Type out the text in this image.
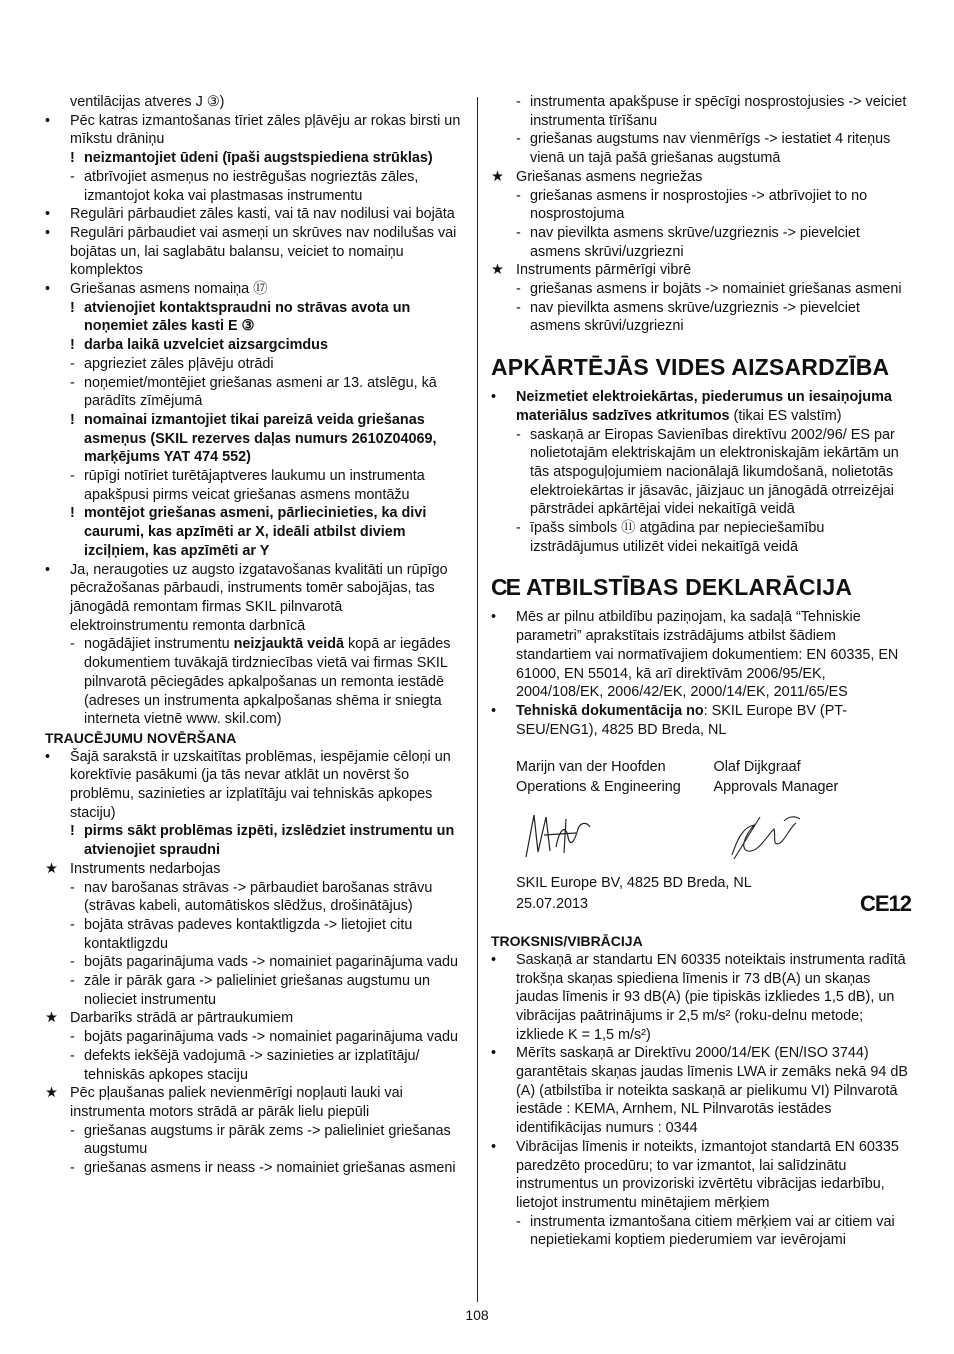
ventilācijas atveres J ③)
• Pēc katras izmantošanas tīriet zāles pļāvēju ar rokas birsti un mīkstu drāniņu
! neizmantojiet ūdeni (īpaši augstspiediena strūklas)
- atbrīvojiet asmeņus no iestrēgušas nogrieztās zāles, izmantojot koka vai plastmasas instrumentu
• Regulāri pārbaudiet zāles kasti, vai tā nav nodilusi vai bojāta
• Regulāri pārbaudiet vai asmeņi un skrūves nav nodilušas vai bojātas un, lai saglabātu balansu, veiciet to nomaiņu komplektos
• Griešanas asmens nomaiņa ⑰
! atvienojiet kontaktspraudni no strāvas avota un noņemiet zāles kasti E ③
! darba laikā uzvelciet aizsargcimdus
- apgrieziet zāles pļāvēju otrādi
- noņemiet/montējiet griešanas asmeni ar 13. atslēgu, kā parādīts zīmējumā
! nomainai izmantojiet tikai pareizā veida griešanas asmeņus (SKIL rezerves daļas numurs 2610Z04069, marķējums YAT 474 552)
- rūpīgi notīriet turētājaptveres laukumu un instrumenta apakšpusi pirms veicat griešanas asmens montāžu
! montējot griešanas asmeni, pārliecinieties, ka divi caurumi, kas apzīmēti ar X, ideāli atbilst diviem izciļņiem, kas apzīmēti ar Y
• Ja, neraugoties uz augsto izgatavošanas kvalitāti un rūpīgo pēcražošanas pārbaudi, instruments tomēr sabojājas, tas jānogādā remontam firmas SKIL pilnvarotā elektroinstrumentu remonta darbnīcā
- nogādājiet instrumentu neizjauktā veidā kopā ar iegādes dokumentiem tuvākajā tirdzniecības vietā vai firmas SKIL pilnvarotā pēciegādes apkalpošanas un remonta iestādē (adreses un instrumenta apkalpošanas shēma ir sniegta interneta vietnē www. skil.com)
TRAUCĒJUMU NOVĒRŠANA
• Šajā sarakstā ir uzskaitītas problēmas, iespējamie cēloņi un korektīvie pasākumi (ja tās nevar atklāt un novērst šo problēmu, sazinieties ar izplatītāju vai tehniskās apkopes staciju)
! pirms sākt problēmas izpēti, izslēdziet instrumentu un atvienojiet spraudni
★ Instruments nedarbojas
- nav barošanas strāvas -> pārbaudiet barošanas strāvu (strāvas kabeli, automātiskos slēdžus, drošinātājus)
- bojāta strāvas padeves kontaktligzda -> lietojiet citu kontaktligzdu
- bojāts pagarinājuma vads -> nomainiet pagarinājuma vadu
- zāle ir pārāk gara -> palieliniet griešanas augstumu un nolieciet instrumentu
★ Darbarīks strādā ar pārtraukumiem
- bojāts pagarinājuma vads -> nomainiet pagarinājuma vadu
- defekts iekšējā vadojumā -> sazinieties ar izplatītāju/ tehniskās apkopes staciju
★ Pēc pļaušanas paliek nevienmērīgi nopļauti lauki vai instrumenta motors strādā ar pārāk lielu piepūli
- griešanas augstums ir pārāk zems -> palieliniet griešanas augstumu
- griešanas asmens ir neass -> nomainiet griešanas asmeni
- instrumenta apakšpuse ir spēcīgi nosprostojusies -> veiciet instrumenta tīrīšanu
- griešanas augstums nav vienmērīgs -> iestatiet 4 riteņus vienā un tajā pašā griešanas augstumā
★ Griešanas asmens negriežas
- griešanas asmens ir nosprostojies -> atbrīvojiet to no nosprostojuma
- nav pievilkta asmens skrūve/uzgrieznis -> pievelciet asmens skrūvi/uzgriezni
★ Instruments pārmērīgi vibrē
- griešanas asmens ir bojāts -> nomainiet griešanas asmeni
- nav pievilkta asmens skrūve/uzgrieznis -> pievelciet asmens skrūvi/uzgriezni
APKĀRTĒJĀS VIDES AIZSARDZĪBA
• Neizmetiet elektroiekārtas, piederumus un iesaiņojuma materiālus sadzīves atkritumos (tikai ES valstīm)
- saskaņā ar Eiropas Savienības direktīvu 2002/96/ ES par nolietotajām elektriskajām un elektroniskajām iekārtām un tās atspoguļojumiem nacionālajā likumdošanā, nolietotās elektroiekārtas ir jāsavāc, jāizjauc un jānogādā otrreizējai pārstrādei apkārtējai videi nekaitīgā veidā
- īpašs simbols ⑪ atgādina par nepieciešamību izstrādājumus utilizēt videi nekaitīgā veidā
CE ATBILSTĪBAS DEKLARĀCIJA
• Mēs ar pilnu atbildību paziņojam, ka sadaļā “Tehniskie parametri” aprakstītais izstrādājums atbilst šādiem standartiem vai normatīvajiem dokumentiem: EN 60335, EN 61000, EN 55014, kā arī direktīvām 2006/95/EK, 2004/108/EK, 2006/42/EK, 2000/14/EK, 2011/65/ES
• Tehniskā dokumentācija no: SKIL Europe BV (PT-SEU/ENG1), 4825 BD Breda, NL
Marijn van der Hoofden
Operations & Engineering
Olaf Dijkgraaf
Approvals Manager
SKIL Europe BV, 4825 BD Breda, NL
25.07.2013	CE12
TROKSNIS/VIBRĀCIJA
• Saskaņā ar standartu EN 60335 noteiktais instrumenta radītā trokšņa skaņas spiediena līmenis ir 73 dB(A) un skaņas jaudas līmenis ir 93 dB(A) (pie tipiskās izkliedes 1,5 dB), un vibrācijas paātrinājums ir 2,5 m/s² (roku-delnu metode; izkliede K = 1,5 m/s²)
• Mērīts saskaņā ar Direktīvu 2000/14/EK (EN/ISO 3744) garantētais skaņas jaudas līmenis LWA ir zemāks nekā 94 dB (A) (atbilstība ir noteikta saskaņā ar pielikumu VI) Pilnvarotā iestāde : KEMA, Arnhem, NL Pilnvarotās iestādes identifikācijas numurs : 0344
• Vibrācijas līmenis ir noteikts, izmantojot standartā EN 60335 paredzēto procedūru; to var izmantot, lai salīdzinātu instrumentus un provizoriski izvērtētu vibrācijas iedarbību, lietojot instrumentu minētajiem mērķiem
- instrumenta izmantošana citiem mērķiem vai ar citiem vai nepietiekami koptiem piederumiem var ievērojami
108
